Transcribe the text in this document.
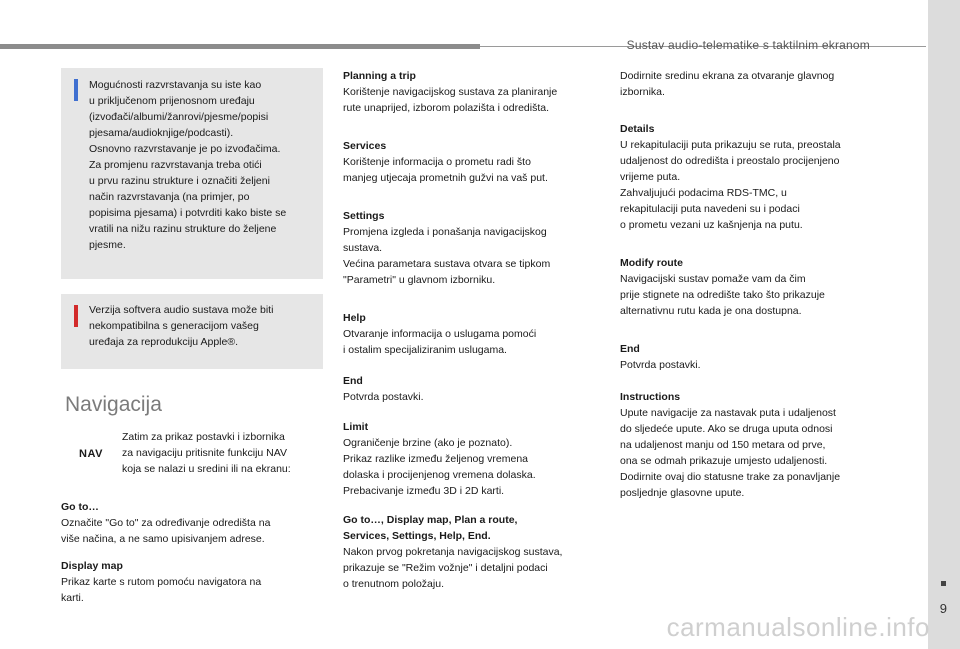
Sustav audio-telematike s taktilnim ekranom
9
carmanualsonline.info

Mogućnosti razvrstavanja su iste kao
u priključenom prijenosnom uređaju
(izvođači/albumi/žanrovi/pjesme/popisi
pjesama/audioknjige/podcasti).
Osnovno razvrstavanje je po izvođačima.
Za promjenu razvrstavanja treba otići
u prvu razinu strukture i označiti željeni
način razvrstavanja (na primjer, po
popisima pjesama) i potvrditi kako biste se
vratili na nižu razinu strukture do željene
pjesme.

Verzija softvera audio sustava može biti
nekompatibilna s generacijom vašeg
uređaja za reprodukciju Apple®.

Navigacija
NAV

Zatim za prikaz postavki i izbornika
za navigaciju pritisnite funkciju NAV
koja se nalazi u sredini ili na ekranu:

Go to…
Označite "Go to" za određivanje odredišta na
više načina, a ne samo upisivanjem adrese.

Display map
Prikaz karte s rutom pomoću navigatora na
karti.

Planning a trip
Korištenje navigacijskog sustava za planiranje
rute unaprijed, izborom polazišta i odredišta.

Services
Korištenje informacija o prometu radi što
manjeg utjecaja prometnih gužvi na vaš put.

Settings
Promjena izgleda i ponašanja navigacijskog
sustava.
Većina parametara sustava otvara se tipkom
"Parametri" u glavnom izborniku.

Help
Otvaranje informacija o uslugama pomoći
i ostalim specijaliziranim uslugama.

End
Potvrda postavki.

Limit
Ograničenje brzine (ako je poznato).
Prikaz razlike između željenog vremena
dolaska i procijenjenog vremena dolaska.
Prebacivanje između 3D i 2D karti.

Go to…, Display map, Plan a route,
Services, Settings, Help, End.
Nakon prvog pokretanja navigacijskog sustava,
prikazuje se "Režim vožnje" i detaljni podaci
o trenutnom položaju.

Dodirnite sredinu ekrana za otvaranje glavnog
izbornika.

Details
U rekapitulaciji puta prikazuju se ruta, preostala
udaljenost do odredišta i preostalo procijenjeno
vrijeme puta.
Zahvaljujući podacima RDS-TMC, u
rekapitulaciji puta navedeni su i podaci
o prometu vezani uz kašnjenja na putu.

Modify route
Navigacijski sustav pomaže vam da čim
prije stignete na odredište tako što prikazuje
alternativnu rutu kada je ona dostupna.

End
Potvrda postavki.

Instructions
Upute navigacije za nastavak puta i udaljenost
do sljedeće upute. Ako se druga uputa odnosi
na udaljenost manju od 150 metara od prve,
ona se odmah prikazuje umjesto udaljenosti.
Dodirnite ovaj dio statusne trake za ponavljanje
posljednje glasovne upute.
